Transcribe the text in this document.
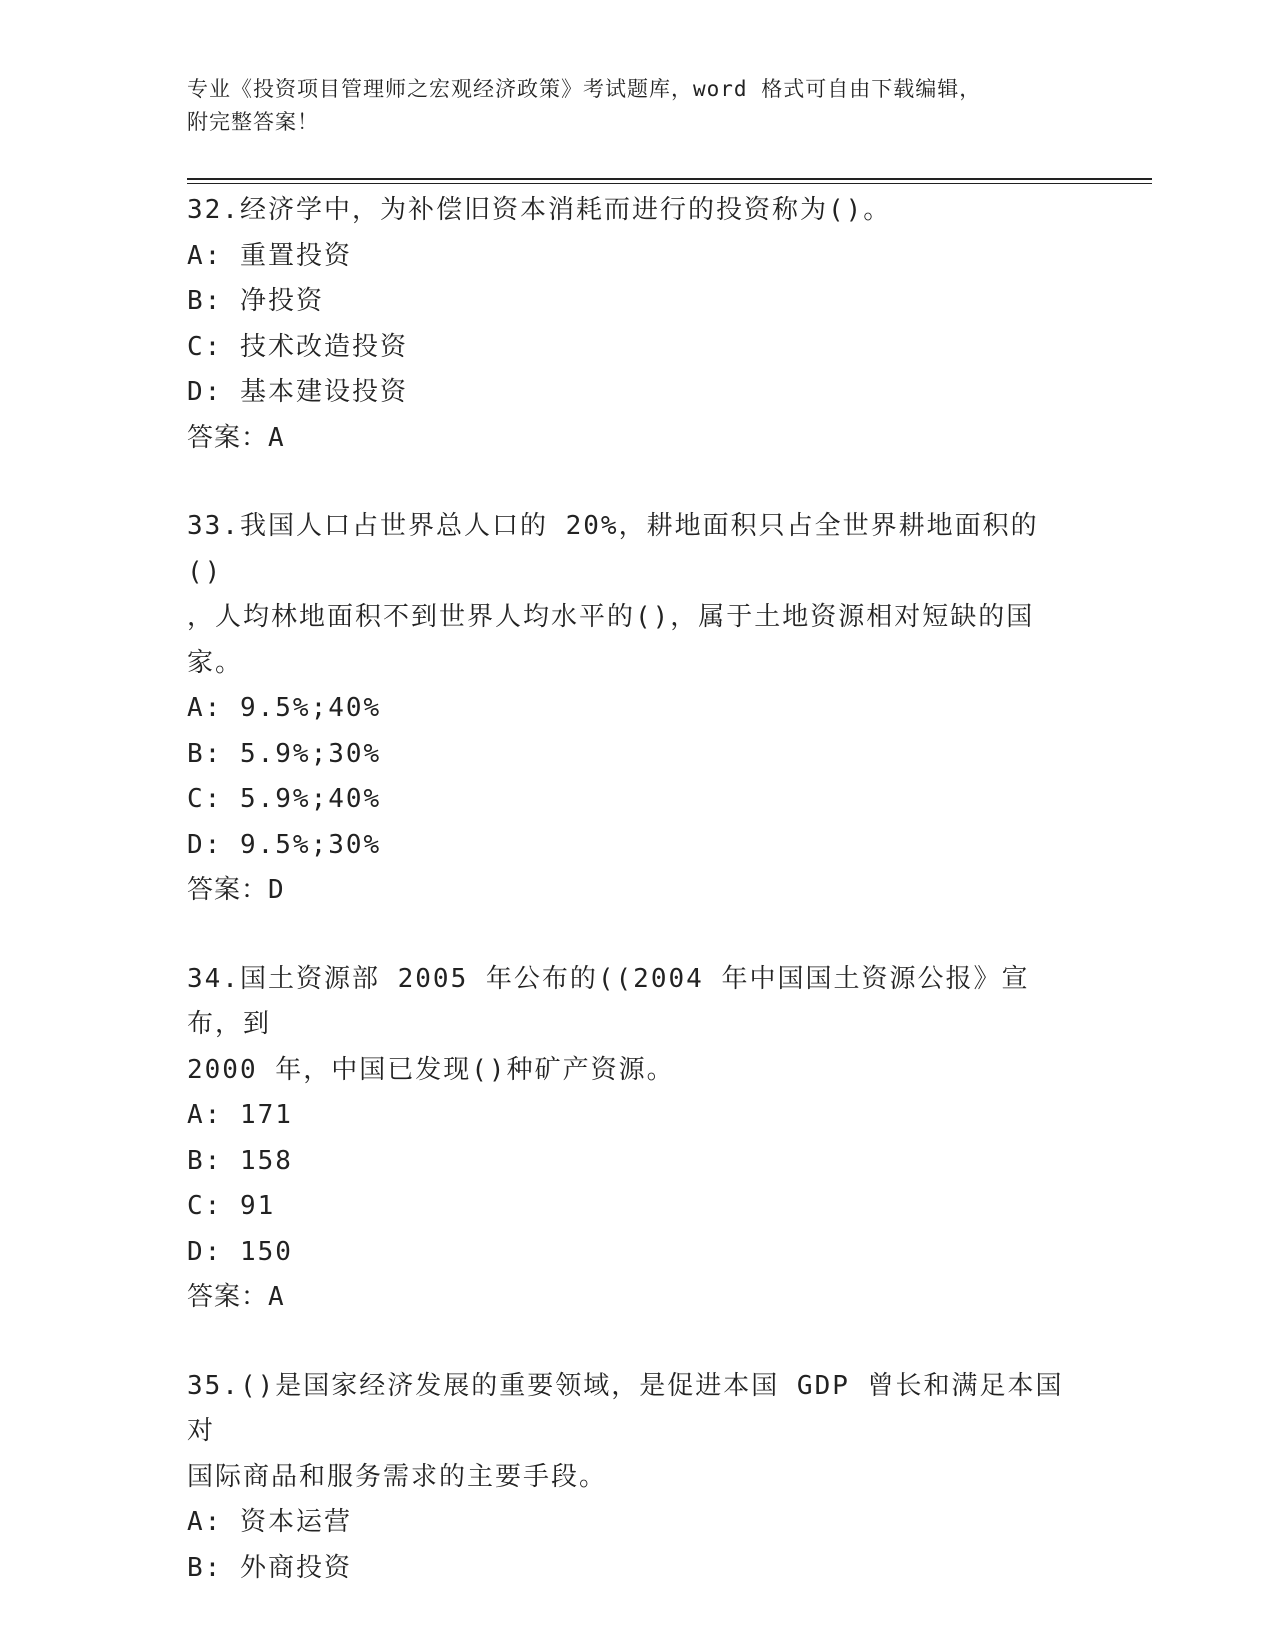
专业《投资项目管理师之宏观经济政策》考试题库，word 格式可自由下载编辑，
附完整答案！
32.经济学中，为补偿旧资本消耗而进行的投资称为()。
A: 重置投资
B: 净投资
C: 技术改造投资
D: 基本建设投资
答案：A
33.我国人口占世界总人口的 20%，耕地面积只占全世界耕地面积的()
，人均林地面积不到世界人均水平的()，属于土地资源相对短缺的国
家。
A: 9.5%;40%
B: 5.9%;30%
C: 5.9%;40%
D: 9.5%;30%
答案：D
34.国土资源部 2005 年公布的((2004 年中国国土资源公报》宣布，到
2000 年，中国已发现()种矿产资源。
A: 171
B: 158
C: 91
D: 150
答案：A
35.()是国家经济发展的重要领域，是促进本国 GDP 曾长和满足本国对
国际商品和服务需求的主要手段。
A: 资本运营
B: 外商投资
